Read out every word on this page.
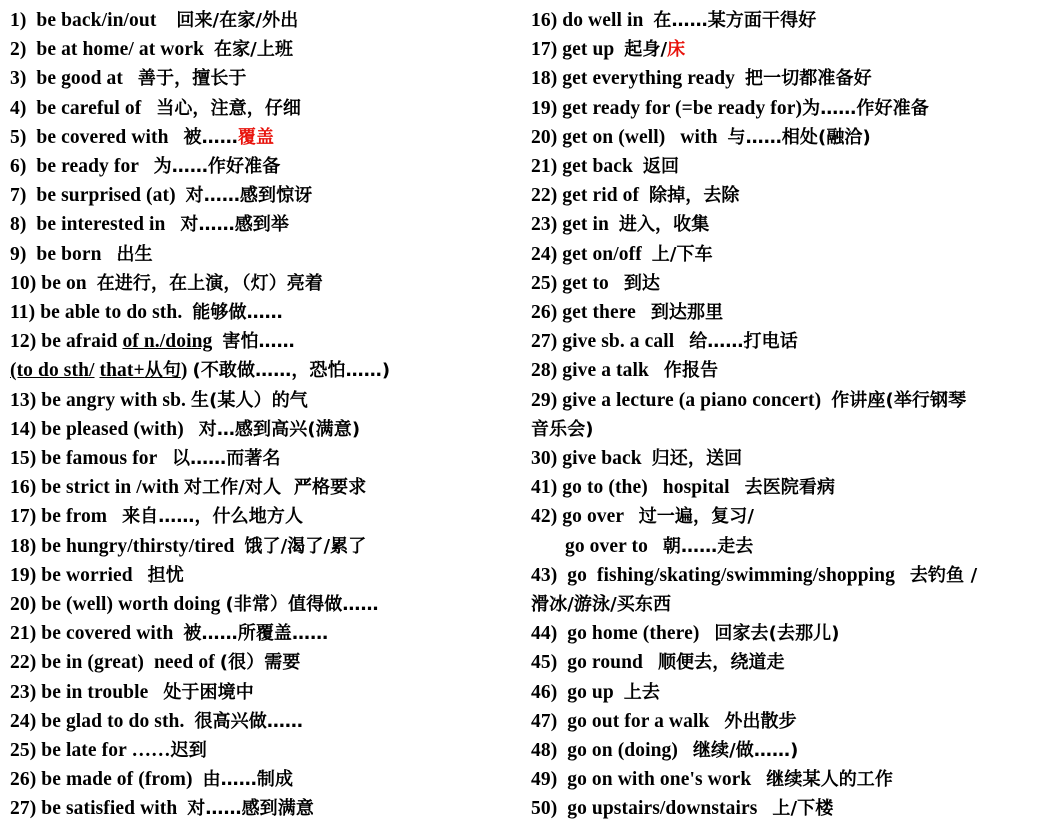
1)  be back/in/out    回来/在家/外出
2)  be at home/ at work  在家/上班
3)  be good at   善于，擅长于
4)  be careful of   当心，注意，仔细
5)  be covered with   被……覆盖
6)  be ready for   为……作好准备
7)  be surprised (at)  对……感到惊讶
8)  be interested in   对……感到举
9)  be born   出生
10) be on  在进行，在上演，（灯）亮着
11) be able to do sth.  能够做……
12) be afraid of n./doing 害怕……
(to do sth/ that+从句) (不敢做……，恐怕……)
13) be angry with sb. 生(某人）的气
14) be pleased (with)   对…感到高兴(满意)
15) be famous for   以……而著名
16) be strict in /with 对工作/对人  严格要求
17) be from   来自……，什么地方人
18) be hungry/thirsty/tired  饿了/渴了/累了
19) be worried   担忧
20) be (well) worth doing (非常）值得做……
21) be covered with  被……所覆盖……
22) be in (great)  need of (很）需要
23) be in trouble   处于困境中
24) be glad to do sth.  很高兴做……
25) be late for ……迟到
26) be made of (from)  由……制成
27) be satisfied with  对……感到满意
16) do well in  在……某方面干得好
17) get up  起身/床
18) get everything ready  把一切都准备好
19) get ready for (=be ready for)为……作好准备
20) get on (well)   with  与……相处(融洽)
21) get back  返回
22) get rid of  除掉，去除
23) get in  进入，收集
24) get on/off  上/下车
25) get to   到达
26) get there   到达那里
27) give sb. a call   给……打电话
28) give a talk   作报告
29) give a lecture (a piano concert)  作讲座(举行钢琴
音乐会)
30) give back  归还，送回
41) go to (the)   hospital   去医院看病
42) go over   过一遍，复习/
go over to   朝……走去
43)  go  fishing/skating/swimming/shopping   去钓鱼 /
滑冰/游泳/买东西
44)  go home (there)   回家去(去那儿)
45)  go round   顺便去，绕道走
46)  go up  上去
47)  go out for a walk   外出散步
48)  go on (doing)   继续/做……)
49)  go on with one's work   继续某人的工作
50)  go upstairs/downstairs   上/下楼
